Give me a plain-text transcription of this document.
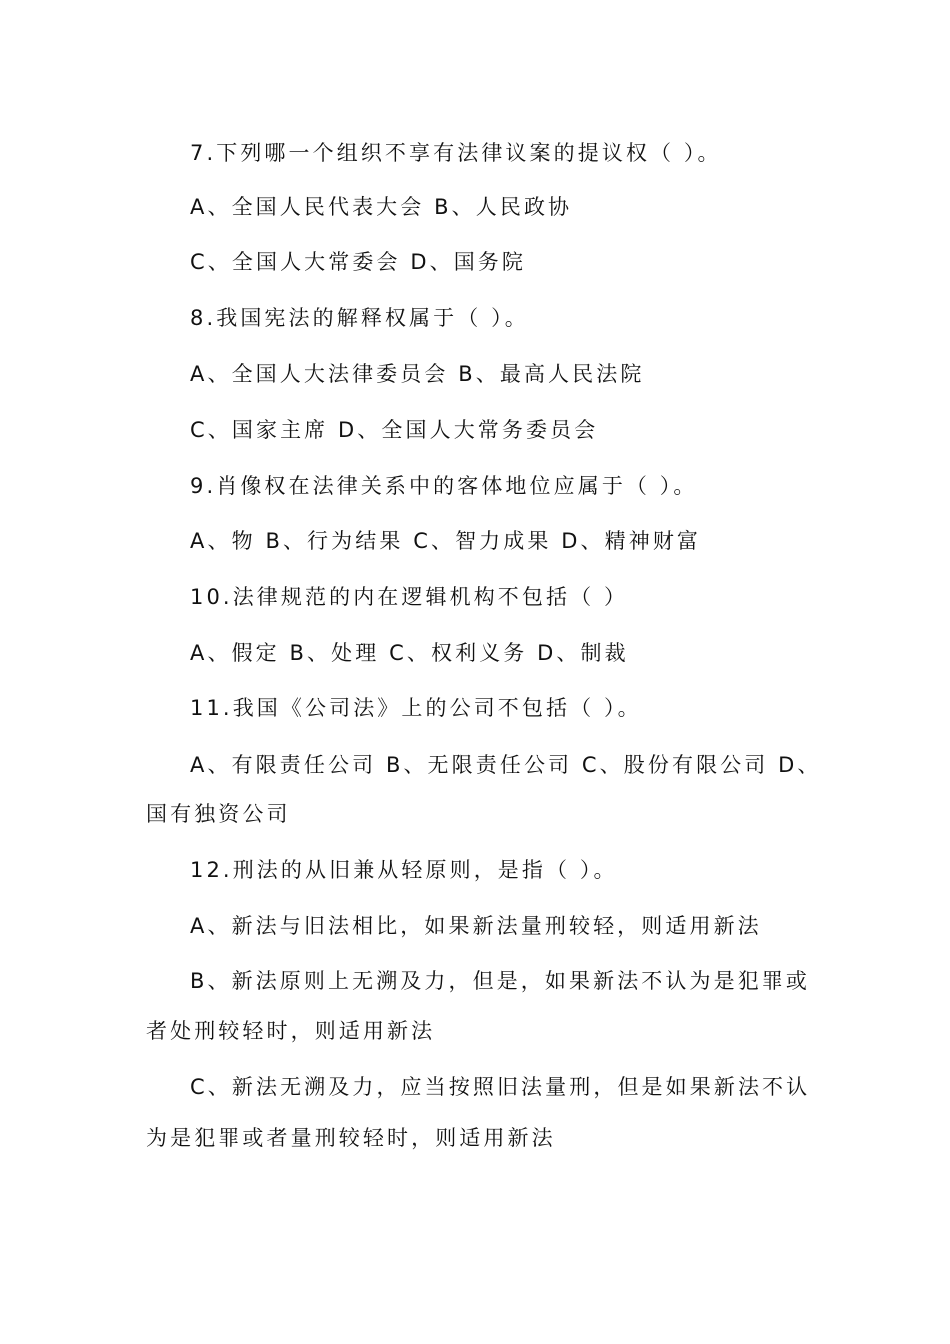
7.下列哪一个组织不享有法律议案的提议权（ ）。
A、全国人民代表大会 B、人民政协
C、全国人大常委会 D、国务院
8.我国宪法的解释权属于（ ）。
A、全国人大法律委员会 B、最高人民法院
C、国家主席 D、全国人大常务委员会
9.肖像权在法律关系中的客体地位应属于（ ）。
A、物 B、行为结果 C、智力成果 D、精神财富
10.法律规范的内在逻辑机构不包括（ ）
A、假定 B、处理 C、权利义务 D、制裁
11.我国《公司法》上的公司不包括（ ）。
A、有限责任公司 B、无限责任公司 C、股份有限公司 D、
国有独资公司
12.刑法的从旧兼从轻原则，是指（ ）。
A、新法与旧法相比，如果新法量刑较轻，则适用新法
B、新法原则上无溯及力，但是，如果新法不认为是犯罪或
者处刑较轻时，则适用新法
C、新法无溯及力，应当按照旧法量刑，但是如果新法不认
为是犯罪或者量刑较轻时，则适用新法
